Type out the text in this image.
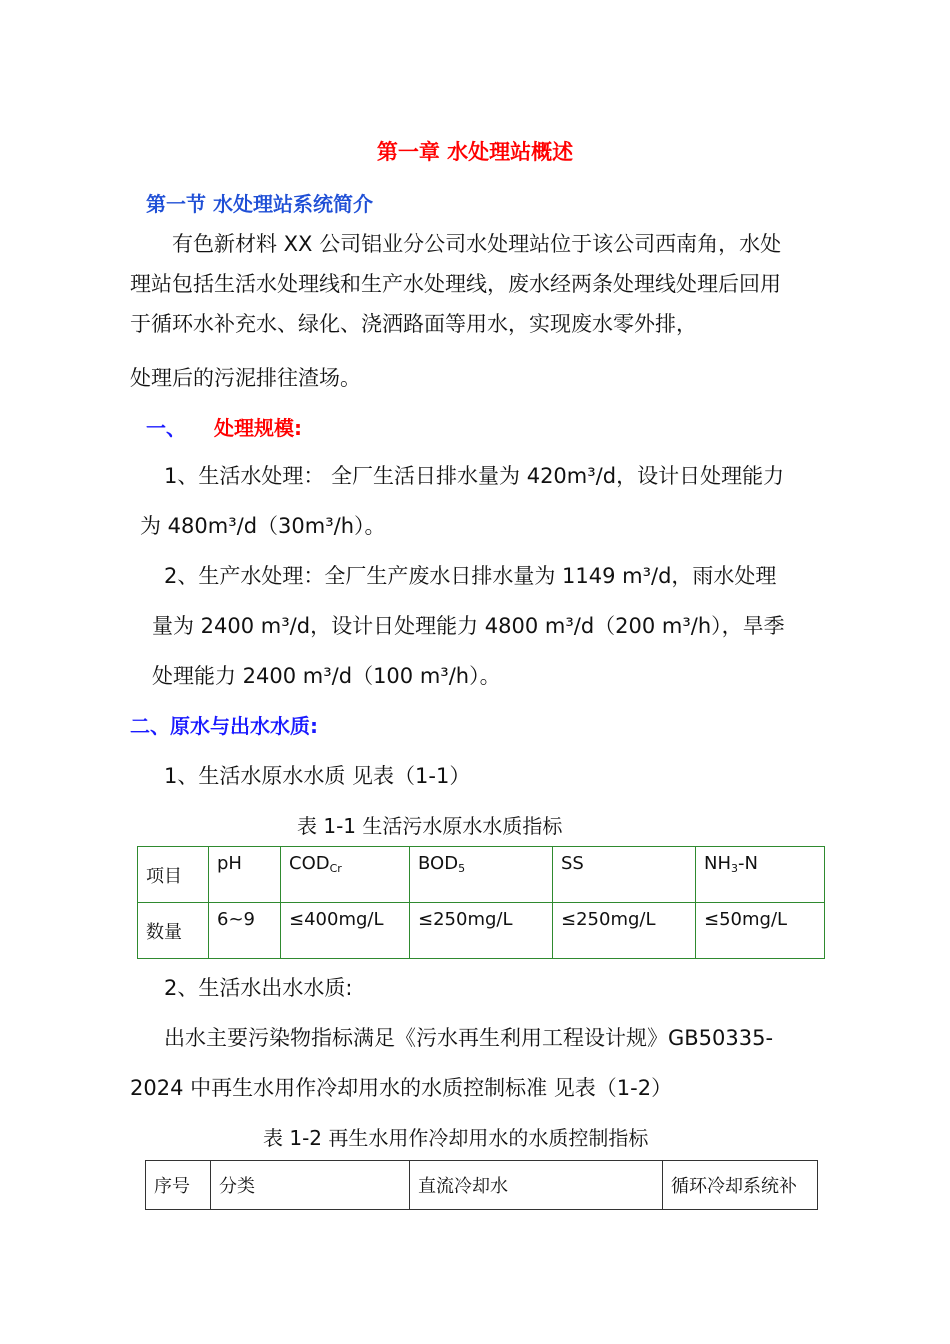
第一章 水处理站概述
第一节 水处理站系统简介
有色新材料 XX 公司铝业分公司水处理站位于该公司西南角，水处
理站包括生活水处理线和生产水处理线，废水经两条处理线处理后回用
于循环水补充水、绿化、浇洒路面等用水，实现废水零外排，
处理后的污泥排往渣场。
一、 处理规模:
1、生活水处理： 全厂生活日排水量为 420m³/d，设计日处理能力
为 480m³/d（30m³/h）。
2、生产水处理：全厂生产废水日排水量为 1149 m³/d，雨水处理
量为 2400 m³/d，设计日处理能力 4800 m³/d（200 m³/h），旱季
处理能力 2400 m³/d（100 m³/h）。
二、原水与出水水质:
1、生活水原水水质 见表（1-1）
表 1-1 生活污水原水水质指标
项目	pH	$COD_{Cr}$	$BOD_5$	SS	$NH_3-N$
数量	6~9	≤400mg/L	≤250mg/L	≤250mg/L	≤50mg/L
2、生活水出水水质:
出水主要污染物指标满足《污水再生利用工程设计规》GB50335-
2024 中再生水用作冷却用水的水质控制标准 见表（1-2）
表 1-2 再生水用作冷却用水的水质控制指标
序号	分类	直流冷却水	循环冷却系统补
